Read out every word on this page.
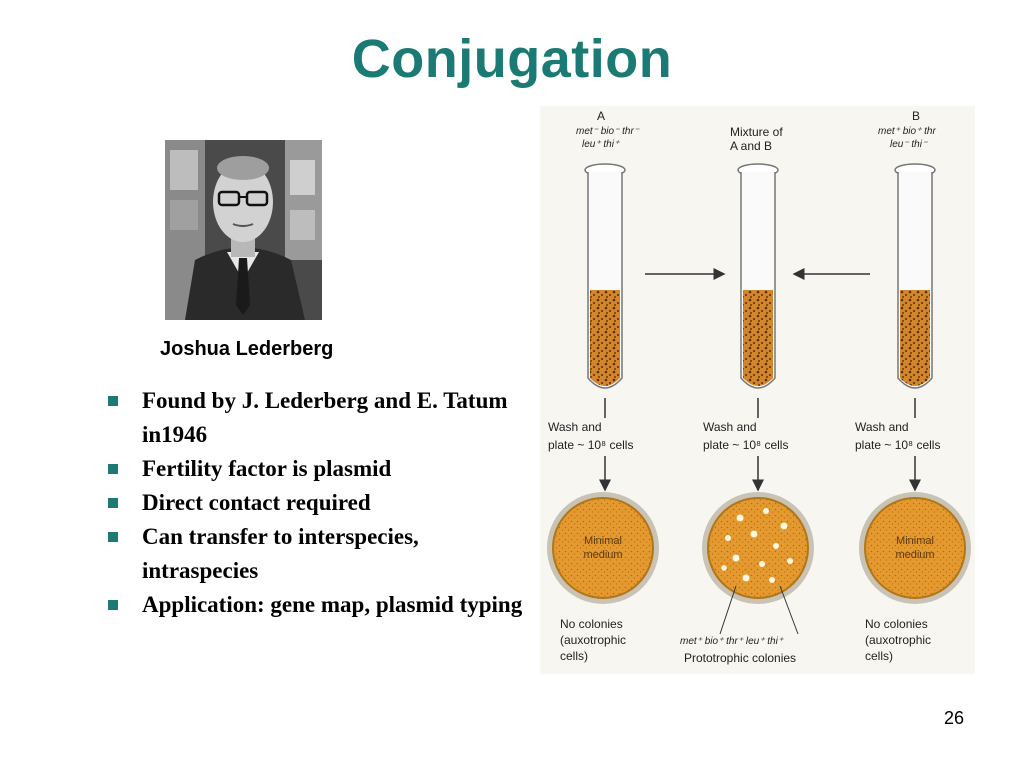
Conjugation
Joshua Lederberg
Found by J. Lederberg and E. Tatum in1946
Fertility factor is plasmid
Direct contact required
Can transfer to interspecies, intraspecies
Application: gene map, plasmid typing
A
met⁻ bio⁻ thr⁻
leu⁺ thi⁺
Mixture of
A and B
B
met⁺ bio⁺ thr
leu⁻ thi⁻
Wash and
plate ~ 10⁸ cells
Wash and
plate ~ 10⁸ cells
Wash and
plate ~ 10⁸ cells
Minimal
medium
Minimal
medium
No colonies
(auxotrophic
cells)
met⁺ bio⁺ thr⁺ leu⁺ thi⁺
Prototrophic colonies
No colonies
(auxotrophic
cells)
26
